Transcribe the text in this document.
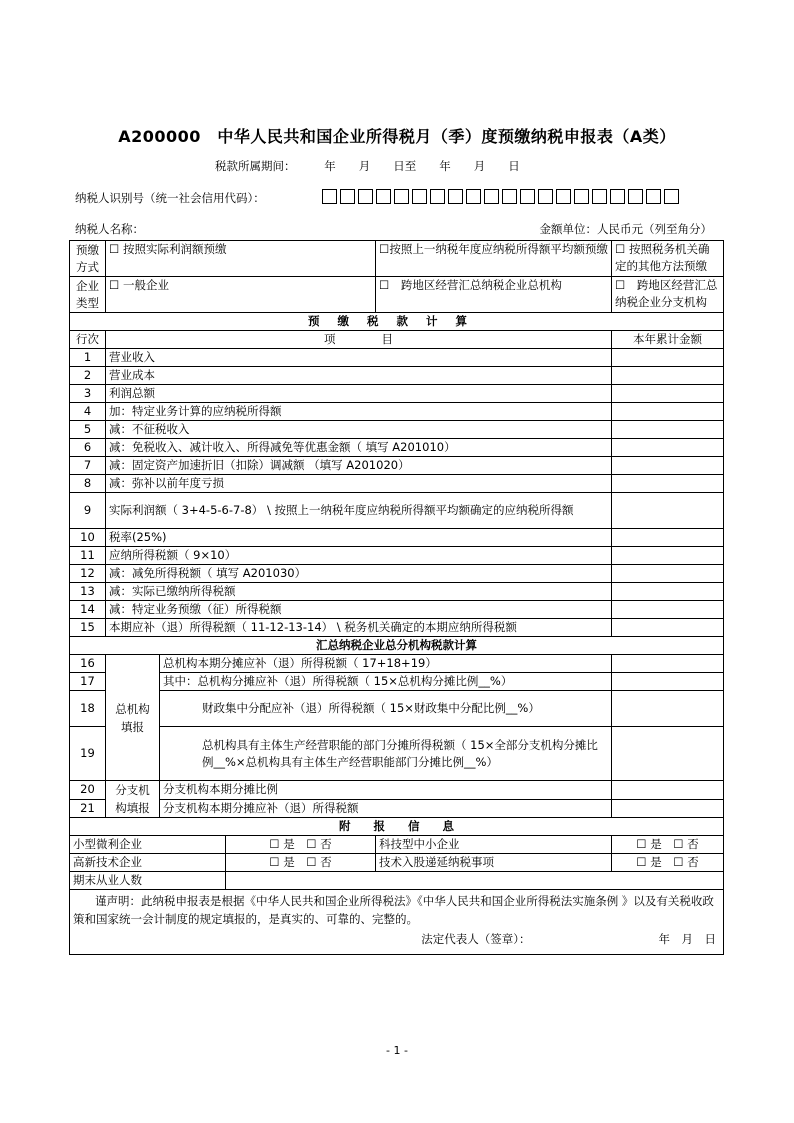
A200000　中华人民共和国企业所得税月（季）度预缴纳税申报表（A类）
税款所属期间：　　　年　　月　　日至　　年　　月　　日
纳税人识别号（统一社会信用代码）：
纳税人名称：	金额单位：人民币元（列至角分）
预缴方式	☐ 按照实际利润额预缴			☐按照上一纳税年度应纳税所得额平均额预缴	☐ 按照税务机关确定的其他方法预缴
企业类型	☐ 一般企业			☐　跨地区经营汇总纳税企业总机构	☐　跨地区经营汇总纳税企业分支机构
预缴税款计算					
行次	项　　　　目				本年累计金额
1	营业收入				
2	营业成本				
3	利润总额				
4	加：特定业务计算的应纳税所得额				
5	减：不征税收入				
6	减：免税收入、减计收入、所得减免等优惠金额（ 填写 A201010）				
7	减：固定资产加速折旧（扣除）调减额 （填写 A201020）				
8	减：弥补以前年度亏损				
9	实际利润额（ 3+4-5-6-7-8） \ 按照上一纳税年度应纳税所得额平均额确定的应纳税所得额				
10	税率(25%)				
11	应纳所得税额（ 9×10）				
12	减：减免所得税额（ 填写 A201030）				
13	减：实际已缴纳所得税额				
14	减：特定业务预缴（征）所得税额				
15	本期应补（退）所得税额（ 11-12-13-14） \ 税务机关确定的本期应纳所得税额				
汇总纳税企业总分机构税款计算					
16	总机构填报	总机构本期分摊应补（退）所得税额（ 17+18+19）			
17		其中：总机构分摊应补（退）所得税额（ 15×总机构分摊比例__%）			
18		财政集中分配应补（退）所得税额（ 15×财政集中分配比例__%）			
19		总机构具有主体生产经营职能的部门分摊所得税额（ 15×全部分支机构分摊比例__%×总机构具有主体生产经营职能部门分摊比例__%）			
20	分支机构填报	分支机构本期分摊比例			
21		分支机构本期分摊应补（退）所得税额			
附　　报　　信　　息					
小型微利企业			☐ 是　☐ 否	科技型中小企业	☐ 是　☐ 否
高新技术企业			☐ 是　☐ 否	技术入股递延纳税事项	☐ 是　☐ 否
期末从业人数					

谨声明：此纳税申报表是根据《中华人民共和国企业所得税法》《中华人民共和国企业所得税法实施条例 》以及有关税收政策和国家统一会计制度的规定填报的，是真实的、可靠的、完整的。
法定代表人（签章）： 年　月　日					
- 1 -
